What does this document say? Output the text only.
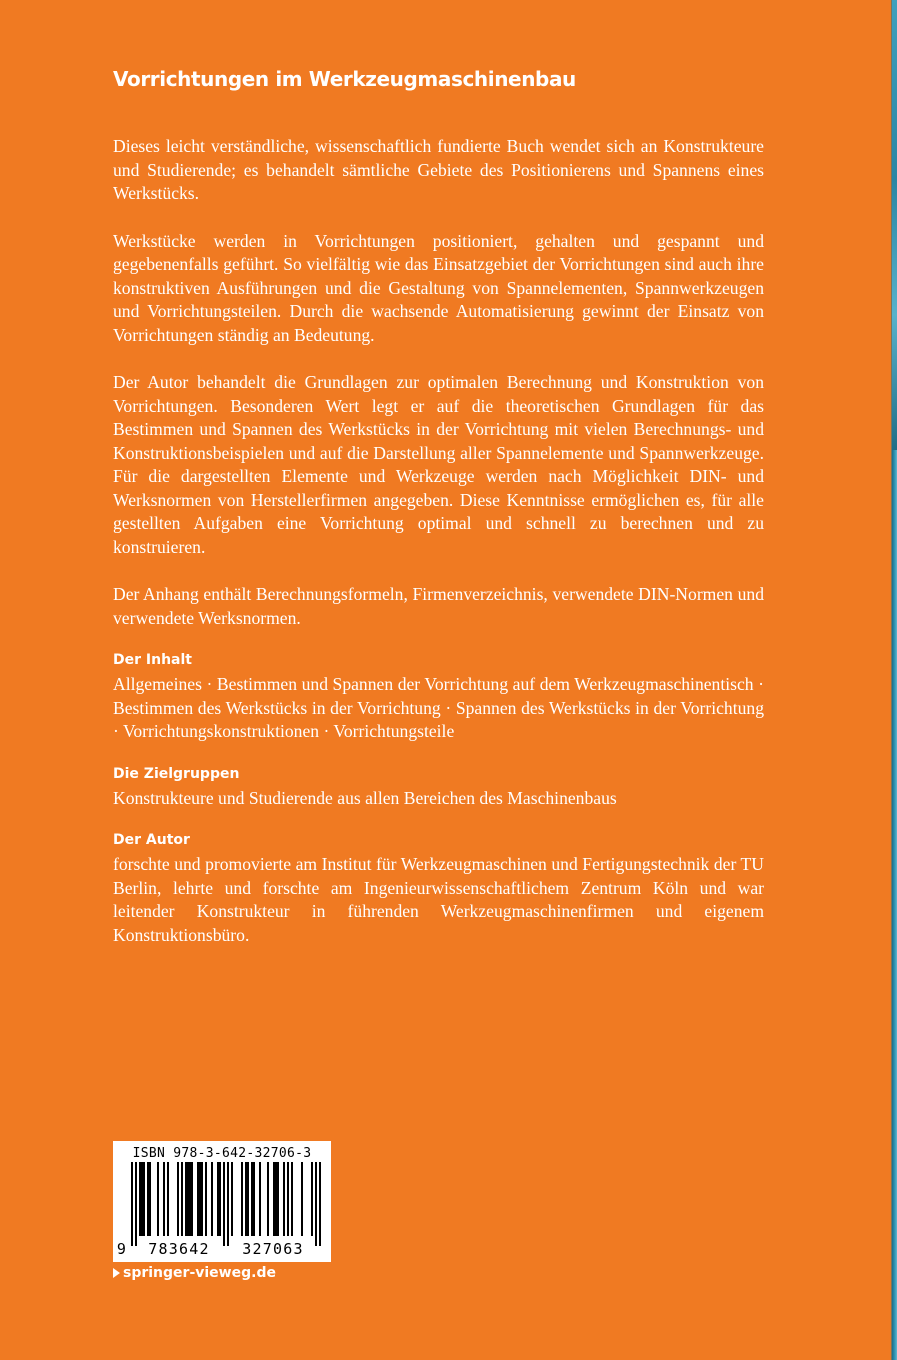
Vorrichtungen im Werkzeugmaschinenbau

Dieses leicht verständliche, wissenschaftlich fundierte Buch wendet sich an Konstrukteure und Studierende; es behandelt sämtliche Gebiete des Positionierens und Spannens eines Werkstücks.

Werkstücke werden in Vorrichtungen positioniert, gehalten und gespannt und gegebenenfalls geführt. So vielfältig wie das Einsatzgebiet der Vorrichtungen sind auch ihre konstruktiven Ausführungen und die Gestaltung von Spannelementen, Spannwerkzeugen und Vorrichtungsteilen. Durch die wachsende Automatisierung gewinnt der Einsatz von Vorrichtungen ständig an Bedeutung.

Der Autor behandelt die Grundlagen zur optimalen Berechnung und Konstruktion von Vorrichtungen. Besonderen Wert legt er auf die theoretischen Grundlagen für das Bestimmen und Spannen des Werkstücks in der Vorrichtung mit vielen Berechnungs- und Konstruktionsbeispielen und auf die Darstellung aller Spannelemente und Spannwerkzeuge. Für die dargestellten Elemente und Werkzeuge werden nach Möglichkeit DIN- und Werksnormen von Herstellerfirmen angegeben. Diese Kenntnisse ermöglichen es, für alle gestellten Aufgaben eine Vorrichtung optimal und schnell zu berechnen und zu konstruieren.

Der Anhang enthält Berechnungsformeln, Firmenverzeichnis, verwendete DIN-Normen und verwendete Werksnormen.

Der Inhalt
Allgemeines · Bestimmen und Spannen der Vorrichtung auf dem Werkzeugmaschinentisch · Bestimmen des Werkstücks in der Vorrichtung · Spannen des Werkstücks in der Vorrichtung · Vorrichtungskonstruktionen · Vorrichtungsteile
Die Zielgruppen
Konstrukteure und Studierende aus allen Bereichen des Maschinenbaus
Der Autor
forschte und promovierte am Institut für Werkzeugmaschinen und Fertigungstechnik der TU Berlin, lehrte und forschte am Ingenieurwissenschaftlichem Zentrum Köln und war leitender Konstrukteur in führenden Werkzeugmaschinenfirmen und eigenem Konstruktionsbüro.
ISBN 978-3-642-32706-3
9 783642 327063
springer-vieweg.de
